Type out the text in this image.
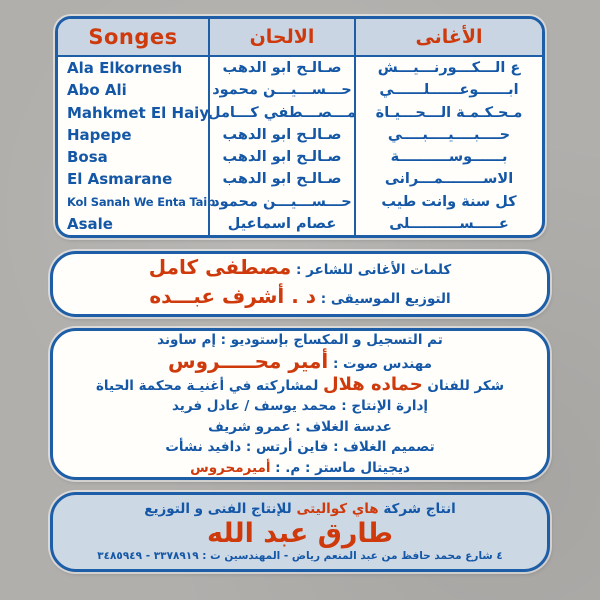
Songes
Ala Elkornesh
Abo Ali
Mahkmet El Haiy
Hapepe
Bosa
El Asmarane
Kol Sanah We Enta Taip
Asale
الالحان
صـالـح ابو الدهب
حـــســـيـــن محمود
مـــصـــطفي كـــامل
صـالـح ابو الدهب
صـالـح ابو الدهب
صـالـح ابو الدهب
حـــســـيـــن محمود
عصام اسماعيل
الأغانى
ع الـــكـــورنـــيـــش
ابــــــوعــــــلــــــي
مـحـكـمـة الـــحـــيـاة
حــــبــــيــــبــــي
بــــــوســــــــــة
الاســــــــمـــرانى
كل سنة وانت طيب
عـــــســــــــــلى
كلمات الأغانى للشاعر : مصطفى كامل
التوزيع الموسيقى : د . أشرف عبـــده
تم التسجيل و المكساج بإستوديو : إم ساوند
مهندس صوت : أمير محـــــروس
شكر للفنان حماده هلال لمشاركته في أغنيـة محكمة الحياة
إدارة الإنتاج : محمد يوسف / عادل فريد
عدسة الغلاف : عمرو شريف
تصميم الغلاف : فاين أرتس : دافيد نشأت
ديجيتال ماستر : م. : أميرمحروس
انتاج شركة هاي كواليتى للإنتاج الفنى و التوزيع
طارق عبد الله
٤ شارع محمد حافظ من عبد المنعم رياض - المهندسين ت : ٣٣٧٨٩١٩ - ٣٤٨٥٩٤٩
